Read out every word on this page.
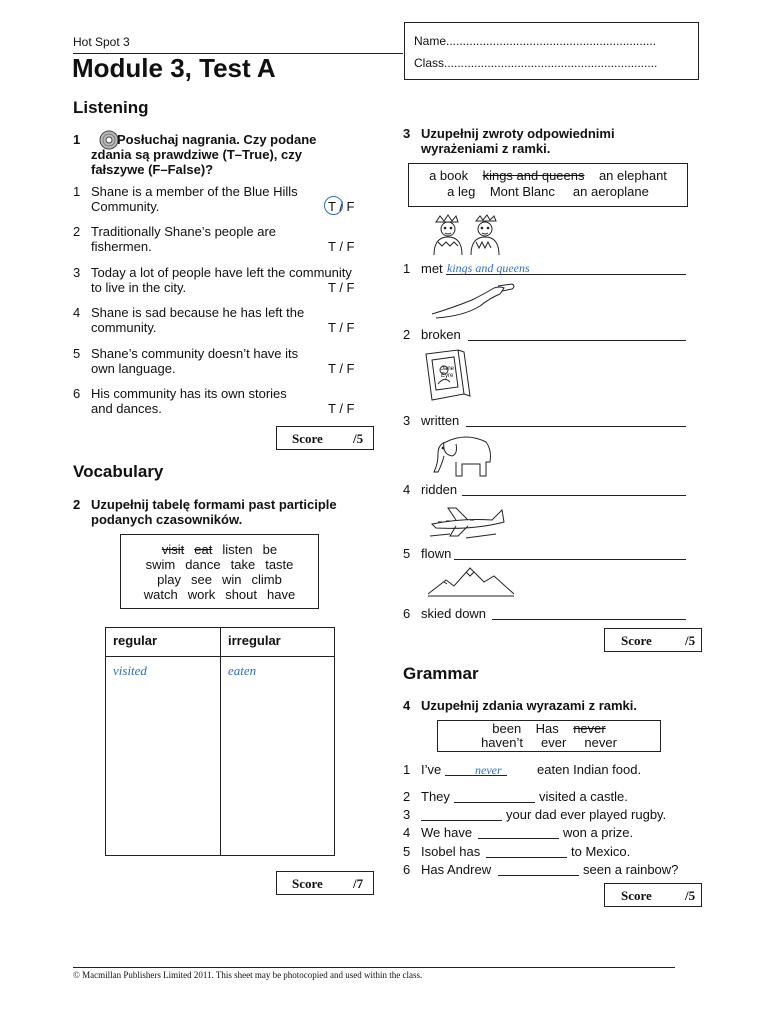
Hot Spot 3
Module 3, Test A
Name...............................................................
Class................................................................
Listening
1	Posłuchaj nagrania. Czy podane zdania są prawdziwe (T–True), czy fałszywe (F–False)?
1 Shane is a member of the Blue Hills
Community.	T / F
2 Traditionally Shane’s people are
fishermen.	T / F
3 Today a lot of people have left the community
to live in the city.	T / F
4 Shane is sad because he has left the
community.	T / F
5 Shane’s community doesn’t have its
own language.	T / F
6 His community has its own stories
and dances.	T / F
Score /5
Vocabulary
2 Uzupełnij tabelę formami past participle
podanych czasowników.
visit eat listen be
swim dance take taste
play see win climb
watch work shout have
regular	irregular
visited	eaten
Score /7
3 Uzupełnij zwroty odpowiednimi
wyrażeniami z ramki.
a book kings and queens an elephant
a leg Mont Blanc an aeroplane
Jane Eyre
1 met kings and queens
2 broken
3 written
4 ridden
5 flown
6 skied down
Score	/5
Grammar
4 Uzupełnij zdania wyrazami z ramki.
been Has never
haven’t ever never
1 I’ve	never	eaten Indian food.
2 They	visited a castle.
3	your dad ever played rugby.
4 We have	won a prize.
5 Isobel has	to Mexico.
6 Has Andrew	seen a rainbow?
Score	/5
© Macmillan Publishers Limited 2011. This sheet may be photocopied and used within the class.
